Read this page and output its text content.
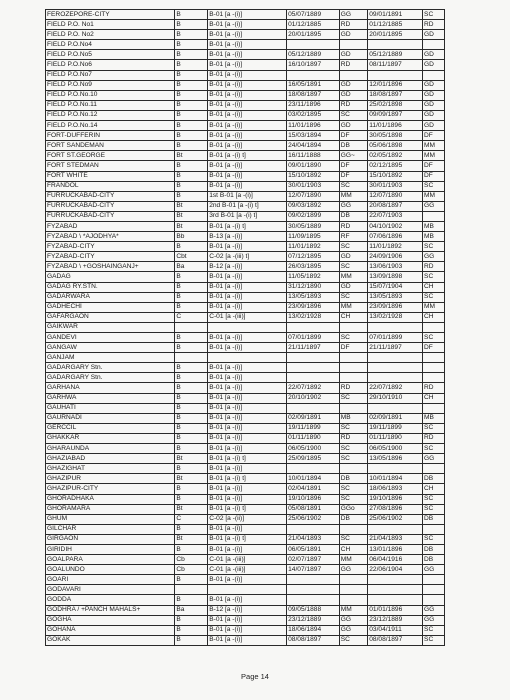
FEROZEPORE-CITY	B	B-01 [a -(i)]	05/07/1889	GG	09/01/1891	SC
FIELD P.O. No1	B	B-01 [a -(i)]	01/12/1885	RD	01/12/1885	RD
FIELD P.O. No2	B	B-01 [a -(i)]	20/01/1895	GD	20/01/1895	GD
FIELD P.O.No4	B	B-01 [a -(i)]				
FIELD P.O.No5	B	B-01 [a -(i)]	05/12/1889	GD	05/12/1889	GD
FIELD P.O.No6	B	B-01 [a -(i)]	16/10/1897	RD	08/11/1897	GD
FIELD P.O.No7	B	B-01 [a -(i)]				
FIELD P.O.No9	B	B-01 [a -(i)]	16/05/1891	GD	12/01/1896	GD
FIELD P.O.No.10	B	B-01 [a -(i)]	18/08/1897	GD	18/08/1897	GD
FIELD P.O.No.11	B	B-01 [a -(i)]	23/11/1896	RD	25/02/1898	GD
FIELD P.O.No.12	B	B-01 [a -(i)]	03/02/1895	SC	09/09/1897	GD
FIELD P.O.No.14	B	B-01 [a -(i)]	11/01/1896	GD	11/01/1896	GD
FORT-DUFFERIN	B	B-01 [a -(i)]	15/03/1894	DF	30/05/1898	DF
FORT SANDEMAN	B	B-01 [a -(i)]	24/04/1894	DB	05/06/1898	MM
FORT ST.GEORGE	Bt	B-01 [a -(i) t]	16/11/1888	GG~	02/05/1892	MM
FORT STEDMAN	B	B-01 [a -(i)]	09/01/1890	DF	02/12/1895	DF
FORT WHITE	B	B-01 [a -(i)]	15/10/1892	DF	15/10/1892	DF
FRANDOL	B	B-01 [a -(i)]	30/01/1903	SC	30/01/1903	SC
FURRUCKABAD-CITY	B	1st B-01 [a -(i)]	12/07/1890	MM	12/07/1890	MM
FURRUCKABAD-CITY	Bt	2nd B-01 [a -(i) t]	09/03/1892	GG	20/08/1897	GG
FURRUCKABAD-CITY	Bt	3rd B-01 [a -(i) t]	09/02/1899	DB	22/07/1903	
FYZABAD	Bt	B-01 [a -(i) t]	30/05/1889	RD	04/10/1902	MB
FYZABAD \ *AJODHYA*	Bb	B-13 [a -(i)]	11/09/1895	RF	07/06/1896	MB
FYZABAD-CITY	B	B-01 [a -(i)]	11/01/1892	SC	11/01/1892	SC
FYZABAD-CITY	Cbt	C-02 [a -(iii) t]	07/12/1895	GD	24/09/1906	GG
FYZABAD \ +GOSHAINGANJ+	Ba	B-12 [a -(i)]	26/03/1895	SC	13/06/1903	RD
GADAG	B	B-01 [a -(i)]	11/05/1892	MM	13/09/1898	SC
GADAG RY.STN.	B	B-01 [a -(i)]	31/12/1890	GD	15/07/1904	CH
GADARWARA	B	B-01 [a -(i)]	13/05/1893	SC	13/05/1893	SC
GADHECHI	B	B-01 [a -(i)]	23/09/1896	MM	23/09/1896	MM
GAFARGAON	C	C-01 [a -(iii)]	13/02/1928	CH	13/02/1928	CH
GAIKWAR						
GANDEVI	B	B-01 [a -(i)]	07/01/1899	SC	07/01/1899	SC
GANGAW	B	B-01 [a -(i)]	21/11/1897	DF	21/11/1897	DF
GANJAM						
GADARGARY Stn.	B	B-01 [a -(i)]				
GADARGARY Stn.	B	B-01 [a -(i)]				
GARHANA	B	B-01 [a -(i)]	22/07/1892	RD	22/07/1892	RD
GARHWA	B	B-01 [a -(i)]	20/10/1902	SC	29/10/1910	CH
GAUHATI	B	B-01 [a -(i)]				
GAURNADI	B	B-01 [a -(i)]	02/09/1891	MB	02/09/1891	MB
GERCCIL	B	B-01 [a -(i)]	19/11/1899	SC	19/11/1899	SC
GHAKKAR	B	B-01 [a -(i)]	01/11/1890	RD	01/11/1890	RD
GHARAUNDA	B	B-01 [a -(i)]	06/05/1900	SC	06/05/1900	SC
GHAZIABAD	Bt	B-01 [a -(i) t]	25/09/1895	SC	13/05/1896	GG
GHAZIGHAT	B	B-01 [a -(i)]				
GHAZIPUR	Bt	B-01 [a -(i) t]	10/01/1894	DB	10/01/1894	DB
GHAZIPUR-CITY	B	B-01 [a -(i)]	02/04/1891	SC	18/06/1893	CH
GHORADHAKA	B	B-01 [a -(i)]	19/10/1896	SC	19/10/1896	SC
GHORAMARA	Bt	B-01 [a -(i) t]	05/08/1891	GGo	27/08/1896	SC
GHUM	C	C-02 [a -(ii)]	25/06/1902	DB	25/06/1902	DB
GILCHAR	B	B-01 [a -(i)]				
GIRGAON	Bt	B-01 [a -(i) t]	21/04/1893	SC	21/04/1893	SC
GIRIDIH	B	B-01 [a -(i)]	06/05/1891	CH	13/01/1896	DB
GOALPARA	Cb	C-01 [a -(iii)]	02/07/1897	MM	06/04/1916	DB
GOALUNDO	Cb	C-01 [a -(iii)]	14/07/1897	GG	22/06/1904	GG
GOARI	B	B-01 [a -(i)]				
GODAVARI						
GODDA	B	B-01 [a -(i)]				
GODHRA / +PANCH MAHALS+	Ba	B-12 [a -(i)]	09/05/1888	MM	01/01/1896	GG
GOGHA	B	B-01 [a -(i)]	23/12/1889	GG	23/12/1889	GG
GOHANA	B	B-01 [a -(i)]	18/06/1894	GG	03/04/1911	SC
GOKAK	B	B-01 [a -(i)]	08/08/1897	SC	08/08/1897	SC
Page 14
